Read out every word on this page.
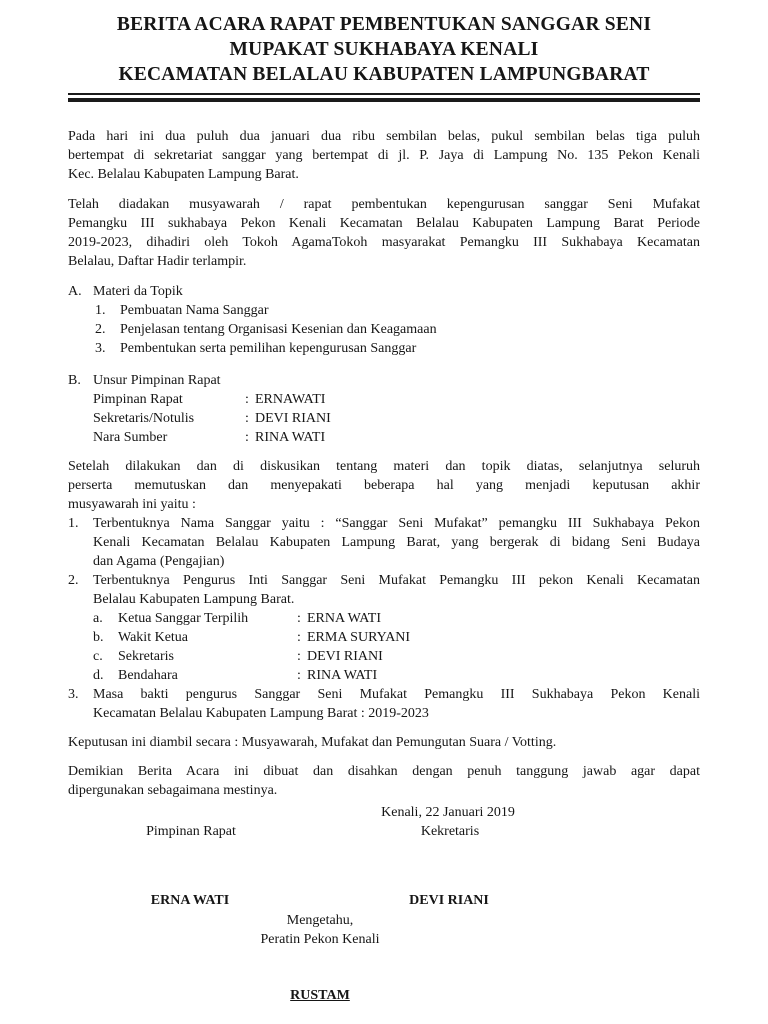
BERITA ACARA RAPAT PEMBENTUKAN SANGGAR SENI
MUPAKAT SUKHABAYA KENALI
KECAMATAN BELALAU KABUPATEN LAMPUNGBARAT
Pada hari ini dua puluh dua januari dua ribu sembilan belas, pukul sembilan belas tiga puluh
bertempat di sekretariat sanggar yang bertempat di jl. P. Jaya di Lampung No. 135 Pekon Kenali
Kec. Belalau Kabupaten Lampung Barat.
Telah diadakan musyawarah / rapat pembentukan kepengurusan sanggar Seni Mufakat
Pemangku III sukhabaya Pekon Kenali Kecamatan Belalau Kabupaten Lampung Barat Periode
2019-2023, dihadiri oleh Tokoh AgamaTokoh masyarakat Pemangku III Sukhabaya Kecamatan
Belalau, Daftar Hadir terlampir.
A. Materi da Topik
1.	Pembuatan Nama Sanggar
2.	Penjelasan tentang Organisasi Kesenian dan Keagamaan
3.	Pembentukan serta pemilihan kepengurusan Sanggar
B. Unsur Pimpinan Rapat
Pimpinan Rapat	: ERNAWATI
Sekretaris/Notulis	: DEVI RIANI
Nara Sumber	: RINA WATI
Setelah dilakukan dan di diskusikan tentang materi dan topik diatas, selanjutnya seluruh
perserta memutuskan dan menyepakati beberapa hal yang menjadi keputusan akhir
musyawarah ini yaitu :
1.	Terbentuknya Nama Sanggar yaitu : “Sanggar Seni Mufakat” pemangku III Sukhabaya Pekon
Kenali Kecamatan Belalau Kabupaten Lampung Barat, yang bergerak di bidang Seni Budaya
dan Agama (Pengajian)
2.	Terbentuknya Pengurus Inti Sanggar Seni Mufakat Pemangku III pekon Kenali Kecamatan
Belalau Kabupaten Lampung Barat.
a.	Ketua Sanggar Terpilih	: ERNA WATI
b.	Wakit Ketua	: ERMA SURYANI
c.	Sekretaris	: DEVI RIANI
d.	Bendahara	: RINA WATI
3.	Masa bakti pengurus Sanggar Seni Mufakat Pemangku III Sukhabaya Pekon Kenali
Kecamatan Belalau Kabupaten Lampung Barat : 2019-2023
Keputusan ini diambil secara : Musyawarah, Mufakat dan Pemungutan Suara / Votting.
Demikian Berita Acara ini dibuat dan disahkan dengan penuh tanggung jawab agar dapat
dipergunakan sebagaimana mestinya.
Kenali, 22 Januari 2019
Pimpinan Rapat	Kekretaris
ERNA WATI	DEVI RIANI
Mengetahu,
Peratin Pekon Kenali
RUSTAM
